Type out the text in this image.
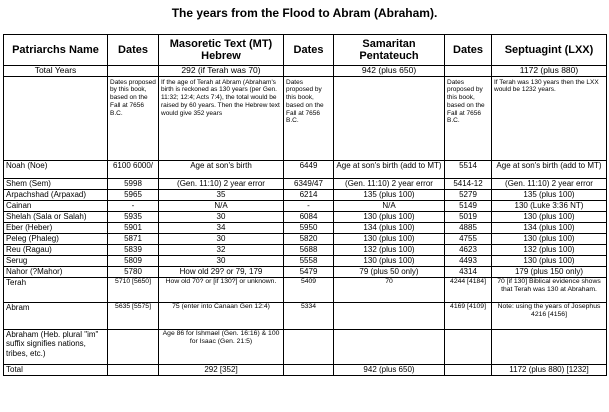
The years from the Flood to Abram (Abraham).
Patriarchs Name	Dates	Masoretic Text (MT) Hebrew	Dates	Samaritan Pentateuch	Dates	Septuagint (LXX)
Total Years		292 (if Terah was 70)		942 (plus 650)		1172 (plus 880)
	Dates proposed by this book, based on the Fall at 7656 B.C.	If the age of Terah at Abram (Abraham's birth is reckoned as 130 years (per Gen. 11:32; 12:4; Acts 7:4), the total would be raised by 60 years. Then the Hebrew text would give 352 years	Dates proposed by this book, based on the Fall at 7656 B.C.		Dates proposed by this book, based on the Fall at 7656 B.C.	If Terah was 130 years then the LXX would be 1232 years.
Noah (Noe)	6100 6000/	Age at son's birth	6449	Age at son's birth (add to MT)	5514	Age at son's birth (add to MT)
Shem (Sem)	5998	(Gen. 11:10) 2 year error	6349/47	(Gen. 11:10) 2 year error	5414-12	(Gen. 11:10) 2 year error
Arpachshad (Arpaxad)	5965	35	6214	135 (plus 100)	5279	135 (plus 100)
Cainan	-	N/A	-	N/A	5149	130 (Luke 3:36 NT)
Shelah (Sala or Salah)	5935	30	6084	130 (plus 100)	5019	130 (plus 100)
Eber (Heber)	5901	34	5950	134 (plus 100)	4885	134 (plus 100)
Peleg (Phaleg)	5871	30	5820	130 (plus 100)	4755	130 (plus 100)
Reu (Ragau)	5839	32	5688	132 (plus 100)	4623	132 (plus 100)
Serug	5809	30	5558	130 (plus 100)	4493	130 (plus 100)
Nahor (?Mahor)	5780	How old 29? or 79, 179	5479	79 (plus 50 only)	4314	179 (plus 150 only)
Terah	5710 [5650]	How old 70? or [if 130?] or unknown.	5409	70	4244 [4184]	70 [if 130] Biblical evidence shows that Terah was 130 at Abraham.
Abram	5635 [5575]	75 (enter into Canaan Gen 12:4)	5334		4169 [4109]	Note: using the years of Josephus 4216 [4156]
Abraham (Heb. plural "im" suffix signifies nations, tribes, etc.)		Age 86 for Ishmael (Gen. 16:16) & 100 for Isaac (Gen. 21:5)				
Total		292 [352]		942 (plus 650)		1172 (plus 880) [1232]
